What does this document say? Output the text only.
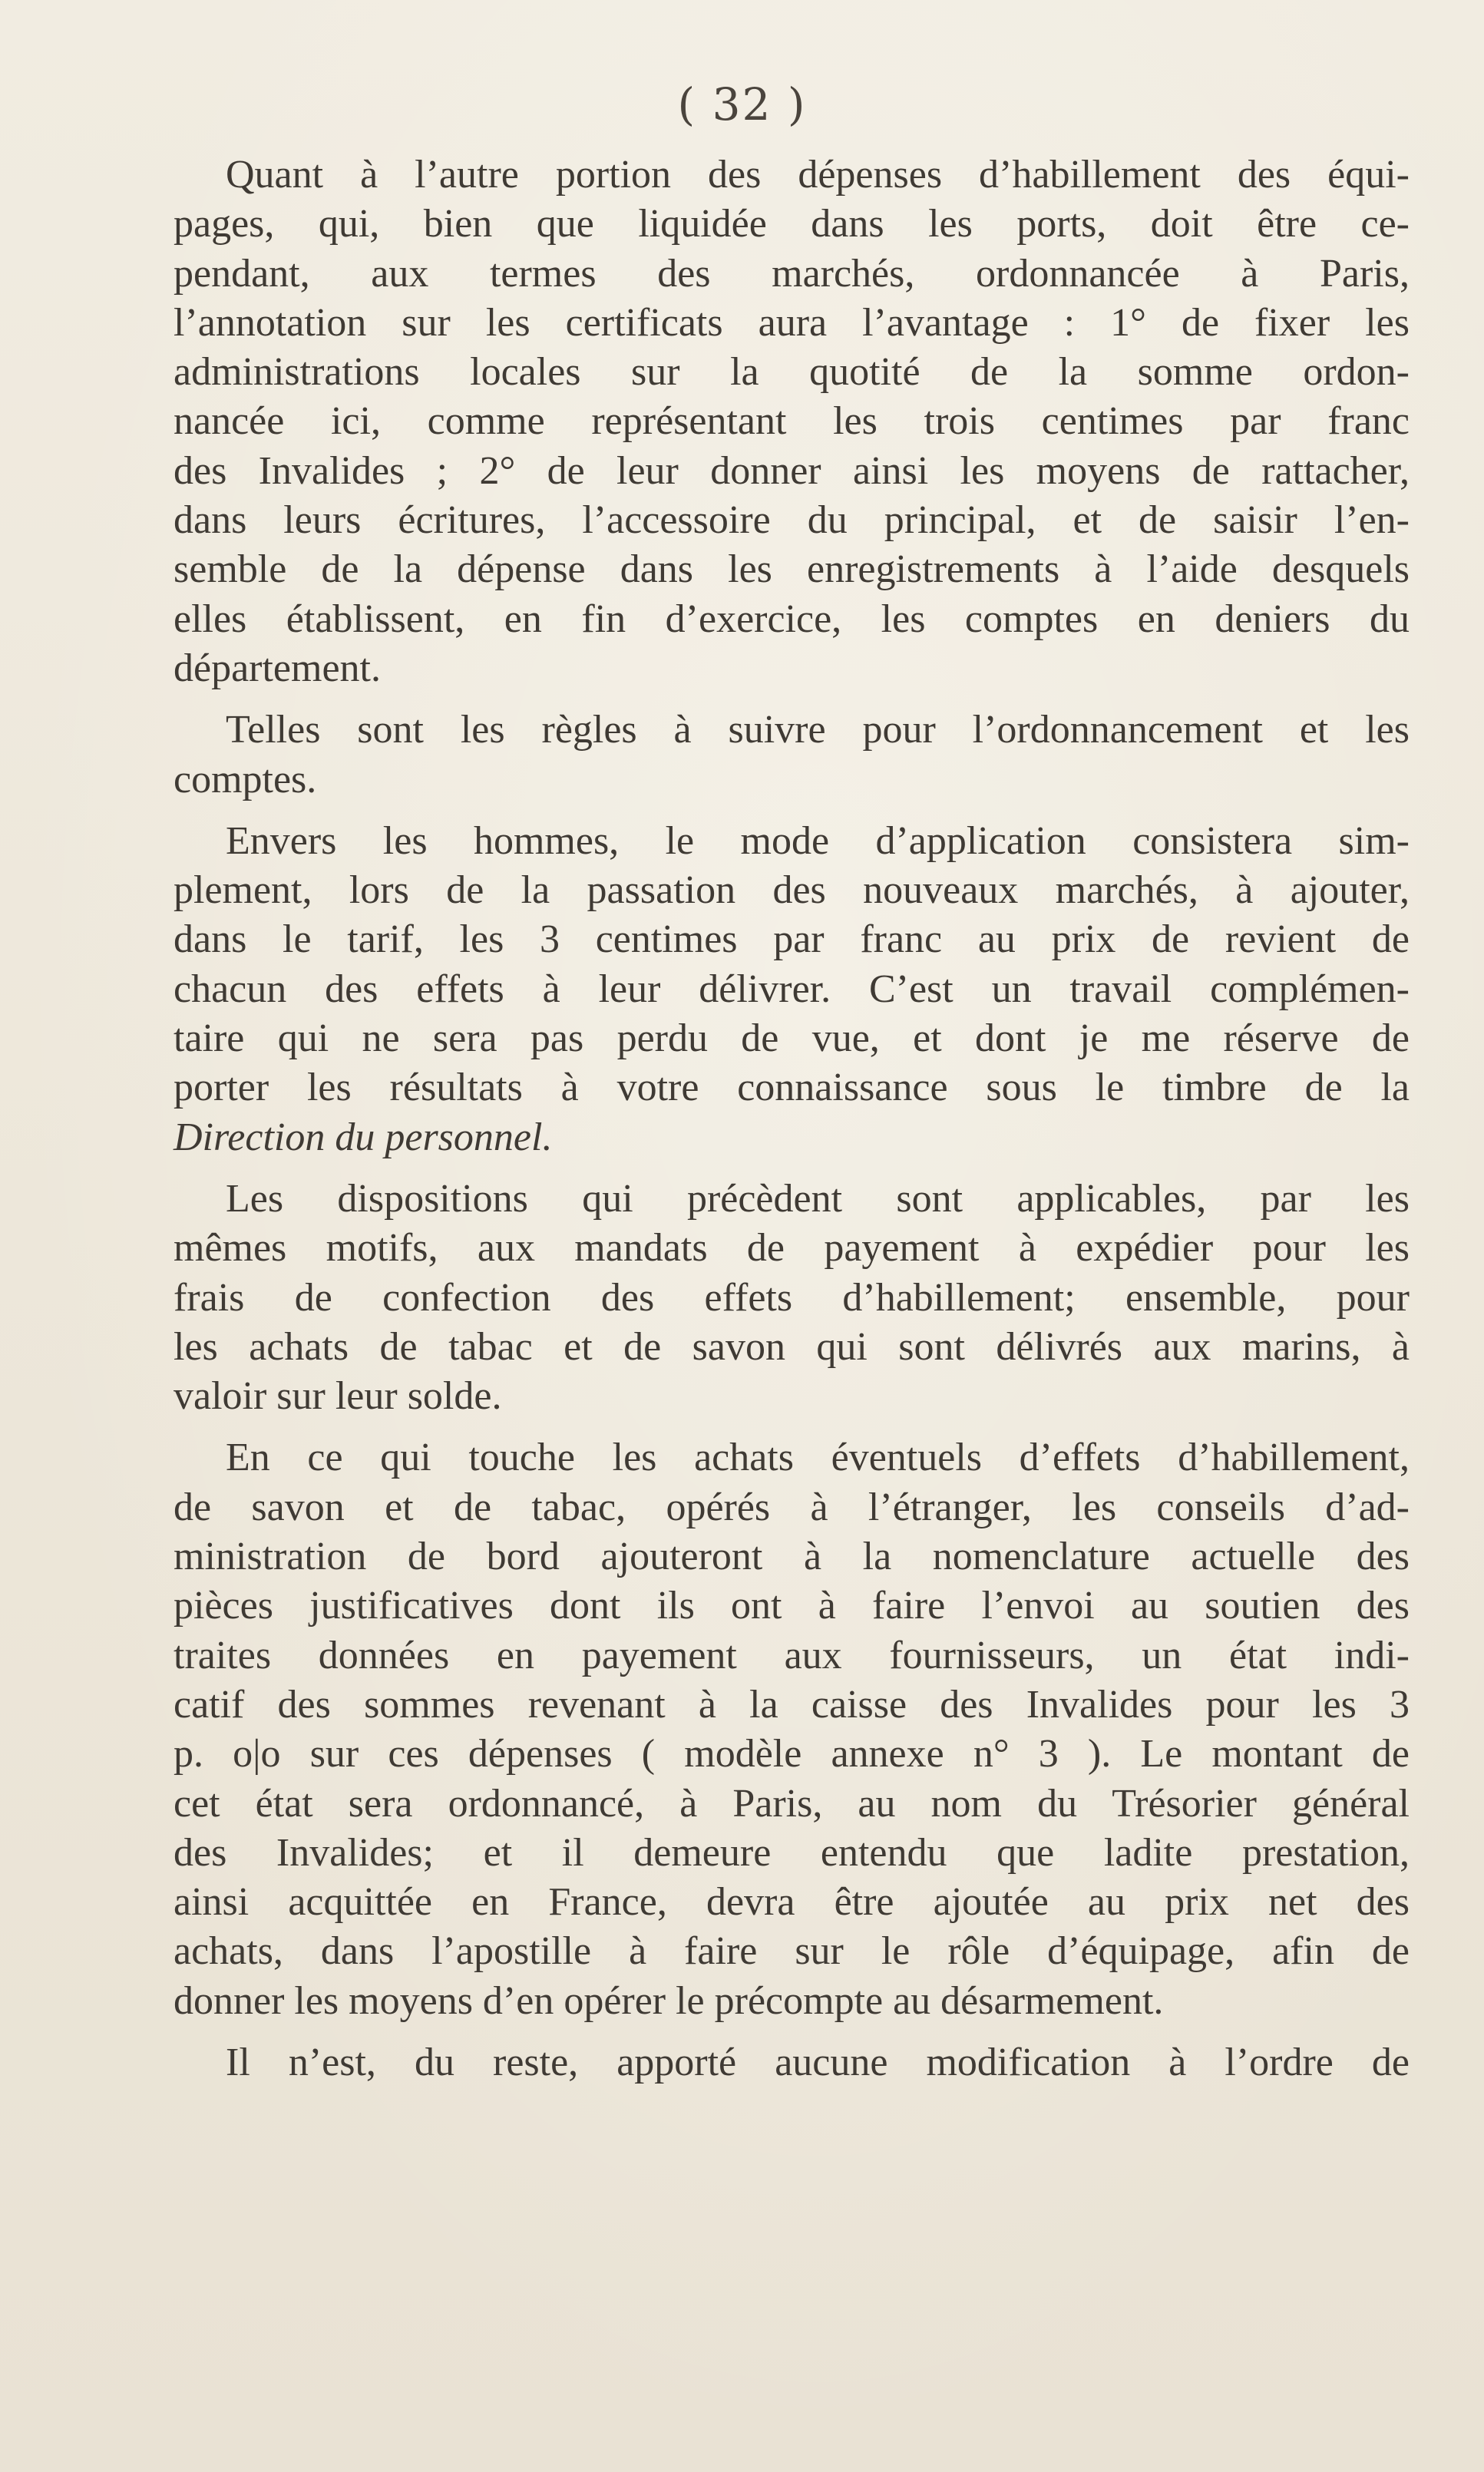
( 32 )

Quant à l’autre portion des dépenses d’habillement des équi-
pages, qui, bien que liquidée dans les ports, doit être ce-
pendant, aux termes des marchés, ordonnancée à Paris,
l’annotation sur les certificats aura l’avantage : 1° de fixer les
administrations locales sur la quotité de la somme ordon-
nancée ici, comme représentant les trois centimes par franc
des Invalides ; 2° de leur donner ainsi les moyens de rattacher,
dans leurs écritures, l’accessoire du principal, et de saisir l’en-
semble de la dépense dans les enregistrements à l’aide desquels
elles établissent, en fin d’exercice, les comptes en deniers du
département.

Telles sont les règles à suivre pour l’ordonnancement et les
comptes.

Envers les hommes, le mode d’application consistera sim-
plement, lors de la passation des nouveaux marchés, à ajouter,
dans le tarif, les 3 centimes par franc au prix de revient de
chacun des effets à leur délivrer. C’est un travail complémen-
taire qui ne sera pas perdu de vue, et dont je me réserve de
porter les résultats à votre connaissance sous le timbre de la
Direction du personnel.

Les dispositions qui précèdent sont applicables, par les
mêmes motifs, aux mandats de payement à expédier pour les
frais de confection des effets d’habillement; ensemble, pour
les achats de tabac et de savon qui sont délivrés aux marins, à
valoir sur leur solde.

En ce qui touche les achats éventuels d’effets d’habillement,
de savon et de tabac, opérés à l’étranger, les conseils d’ad-
ministration de bord ajouteront à la nomenclature actuelle des
pièces justificatives dont ils ont à faire l’envoi au soutien des
traites données en payement aux fournisseurs, un état indi-
catif des sommes revenant à la caisse des Invalides pour les 3
p. o|o sur ces dépenses ( modèle annexe n° 3 ). Le montant de
cet état sera ordonnancé, à Paris, au nom du Trésorier général
des Invalides; et il demeure entendu que ladite prestation,
ainsi acquittée en France, devra être ajoutée au prix net des
achats, dans l’apostille à faire sur le rôle d’équipage, afin de
donner les moyens d’en opérer le précompte au désarmement.

Il n’est, du reste, apporté aucune modification à l’ordre de
